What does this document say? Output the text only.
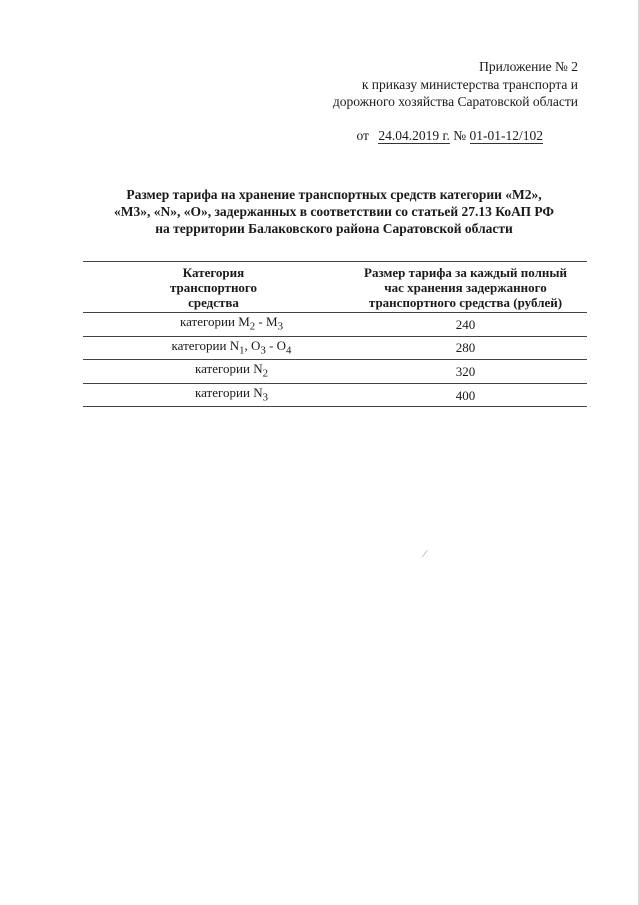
Приложение № 2
к приказу министерства транспорта и
дорожного хозяйства Саратовской области
от 24.04.2019 г. № 01-01-12/102
Размер тарифа на хранение транспортных средств категории «М2»,
«М3», «N», «О», задержанных в соответствии со статьей 27.13 КоАП РФ
на территории Балаковского района Саратовской области
Категория
транспортного
средства	Размер тарифа за каждый полный
час хранения задержанного
транспортного средства (рублей)

категории $M_2 - M_3$	240
категории $N_1$, $O_3 - O_4$	280
категории $N_2$	320
категории $N_3$	400
⁄
